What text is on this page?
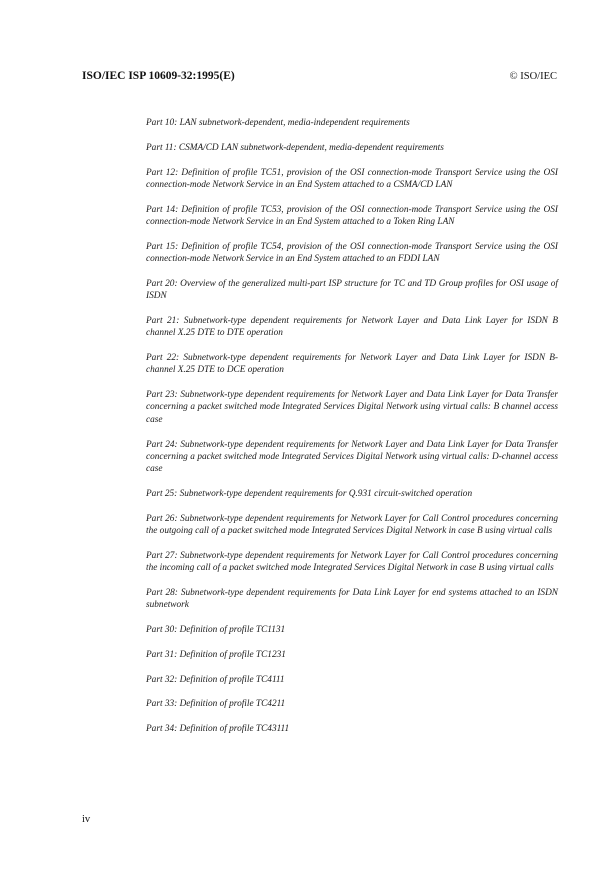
ISO/IEC ISP 10609-32:1995(E)	© ISO/IEC

Part 10: LAN subnetwork-dependent, media-independent requirements

Part 11: CSMA/CD LAN subnetwork-dependent, media-dependent requirements

Part 12: Definition of profile TC51, provision of the OSI connection-mode Transport Service using the OSI connection-mode Network Service in an End System attached to a CSMA/CD LAN

Part 14: Definition of profile TC53, provision of the OSI connection-mode Transport Service using the OSI connection-mode Network Service in an End System attached to a Token Ring LAN

Part 15: Definition of profile TC54, provision of the OSI connection-mode Transport Service using the OSI connection-mode Network Service in an End System attached to an FDDI LAN

Part 20: Overview of the generalized multi-part ISP structure for TC and TD Group profiles for OSI usage of ISDN

Part 21: Subnetwork-type dependent requirements for Network Layer and Data Link Layer for ISDN B channel X.25 DTE to DTE operation

Part 22: Subnetwork-type dependent requirements for Network Layer and Data Link Layer for ISDN B-channel X.25 DTE to DCE operation

Part 23: Subnetwork-type dependent requirements for Network Layer and Data Link Layer for Data Transfer concerning a packet switched mode Integrated Services Digital Network using virtual calls: B channel access case

Part 24: Subnetwork-type dependent requirements for Network Layer and Data Link Layer for Data Transfer concerning a packet switched mode Integrated Services Digital Network using virtual calls: D-channel access case

Part 25: Subnetwork-type dependent requirements for Q.931 circuit-switched operation

Part 26: Subnetwork-type dependent requirements for Network Layer for Call Control procedures concerning the outgoing call of a packet switched mode Integrated Services Digital Network in case B using virtual calls

Part 27: Subnetwork-type dependent requirements for Network Layer for Call Control procedures concerning the incoming call of a packet switched mode Integrated Services Digital Network in case B using virtual calls

Part 28: Subnetwork-type dependent requirements for Data Link Layer for end systems attached to an ISDN subnetwork

Part 30: Definition of profile TC1131

Part 31: Definition of profile TC1231

Part 32: Definition of profile TC4111

Part 33: Definition of profile TC4211

Part 34: Definition of profile TC43111

iv
